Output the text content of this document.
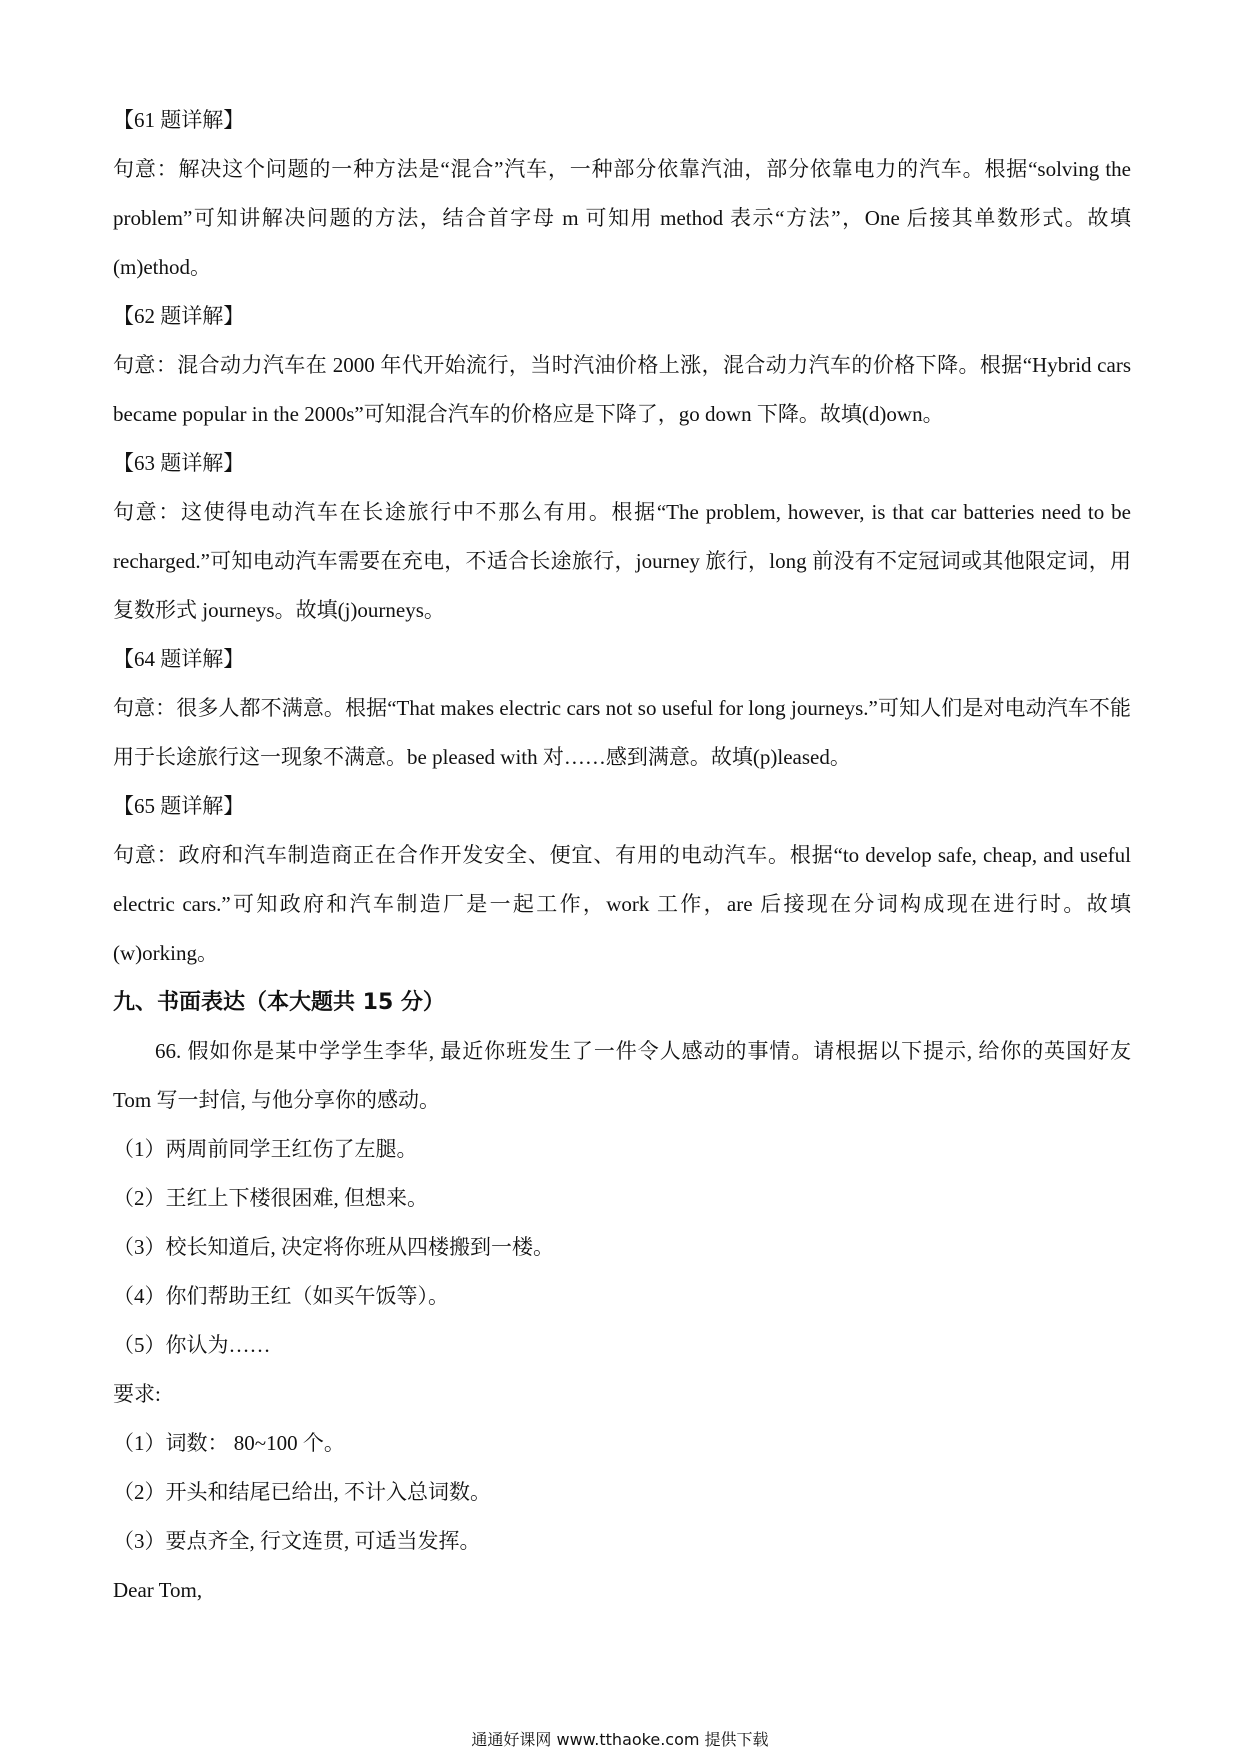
【61 题详解】

句意：解决这个问题的一种方法是“混合”汽车，一种部分依靠汽油，部分依靠电力的汽车。根据“solving the problem”可知讲解决问题的方法，结合首字母 m 可知用 method 表示“方法”，One 后接其单数形式。故填(m)ethod。

【62 题详解】

句意：混合动力汽车在 2000 年代开始流行，当时汽油价格上涨，混合动力汽车的价格下降。根据“Hybrid cars became popular in the 2000s”可知混合汽车的价格应是下降了，go down 下降。故填(d)own。

【63 题详解】

句意：这使得电动汽车在长途旅行中不那么有用。根据“The problem, however, is that car batteries need to be recharged.”可知电动汽车需要在充电，不适合长途旅行，journey 旅行，long 前没有不定冠词或其他限定词，用复数形式 journeys。故填(j)ourneys。

【64 题详解】

句意：很多人都不满意。根据“That makes electric cars not so useful for long journeys.”可知人们是对电动汽车不能用于长途旅行这一现象不满意。be pleased with 对……感到满意。故填(p)leased。

【65 题详解】

句意：政府和汽车制造商正在合作开发安全、便宜、有用的电动汽车。根据“to develop safe, cheap, and useful electric cars.”可知政府和汽车制造厂是一起工作，work 工作，are 后接现在分词构成现在进行时。故填(w)orking。

九、书面表达（本大题共 15 分）

66. 假如你是某中学学生李华, 最近你班发生了一件令人感动的事情。请根据以下提示, 给你的英国好友 Tom 写一封信, 与他分享你的感动。

（1）两周前同学王红伤了左腿。
（2）王红上下楼很困难, 但想来。
（3）校长知道后, 决定将你班从四楼搬到一楼。
（4）你们帮助王红（如买午饭等）。
（5）你认为……
要求:
（1）词数： 80~100 个。
（2）开头和结尾已给出, 不计入总词数。
（3）要点齐全, 行文连贯, 可适当发挥。
Dear Tom,
通通好课网 www.tthaoke.com 提供下载
